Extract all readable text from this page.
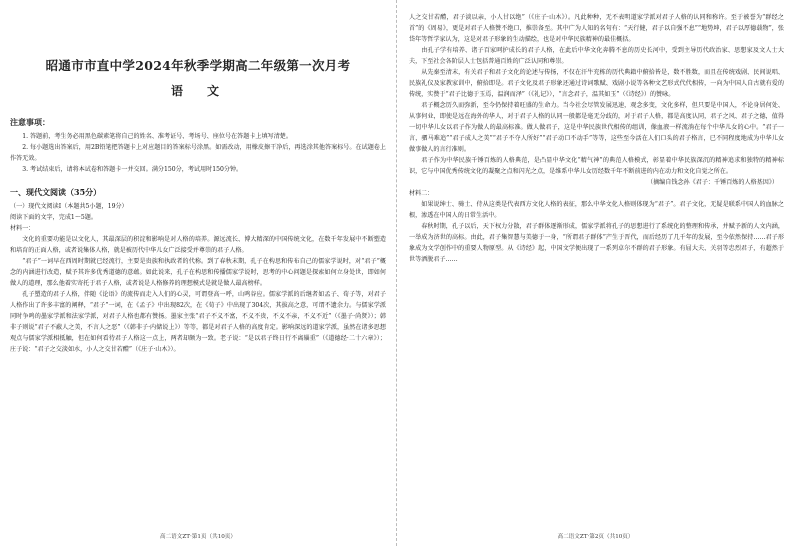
昭通市市直中学2024年秋季学期高二年级第一次月考
语　文
注意事项：

1. 答题前，考生务必用黑色碳素笔将自己的姓名、准考证号、考场号、座位号在答题卡上填写清楚。

2. 每小题选出答案后，用2B铅笔把答题卡上对应题目的答案标号涂黑。如需改动，用橡皮擦干净后，再选涂其他答案标号。在试题卷上作答无效。

3. 考试结束后，请将本试卷和答题卡一并交回。满分150分，考试用时150分钟。

一、现代文阅读（35分）

（一）现代文阅读Ⅰ（本题共5小题，19分）

阅读下面的文字，完成1～5题。

材料一：

文化的重要功能是以文化人，其最深层的积淀和影响是对人格的培养。源远流长、博大精深的中国传统文化，在数千年发展中不断塑造和培育的正面人格，或者说集体人格，就是被历代中华儿女广泛接受并尊崇的君子人格。

“君子”一词早在西周时期就已经流行，主要是贵族和执政者的代称。到了春秋末期，孔子在构思和传布自己的儒家学说时，对“君子”概念的内涵进行改造，赋予其许多优秀道德的意蕴。如此说来，孔子在构思和传播儒家学说时，思考的中心问题是探索如何立身处世，即如何做人的道理，那么他着实寄托于君子人格，或者说是人格修养的理想模式是就是做人最高榜样。

孔子塑造的君子人格，伴随《论语》的流传而走入人们的心灵，可谓登高一呼，山鸣谷应。儒家学派的后继者如孟子、荀子等，对君子人格作出了许多丰富的阐释，“君子”一词，在《孟子》中出现82次，在《荀子》中出现了304次，其拔高之意，可谓不遗余力。与儒家学派同时争鸣的墨家学派和法家学派，对君子人格也都有赞扬。墨家主张“君子不义不富，不义不贵，不义不亲，不义不近”（《墨子·尚贤》）；韩非子则说“君子不蔽人之美，不言人之恶”（《韩非子·内储说上》）等等，都是对君子人格的高度肯定。影响深远的道家学派，虽然在诸多思想观点与儒家学派相抵触，但在如何看待君子人格这一点上，两者却颇为一致。老子说：“是以君子终日行不离辎重”（《道德经·二十六章》）；庄子说：“君子之交淡如水，小人之交甘若醴”（《庄子·山木》）。

高二语文ZT·第1页（共10页）

人之交甘若醴，君子淡以亲，小人甘以绝”（《庄子·山木》）。凡此种种，无不表明道家学派对君子人格的认同和称许。至于被誉为“群经之首”的《周易》，更是对君子人格赞不绝口，推崇备至。其中广为人知的名句有：“天行健，君子以自强不息”“地势坤，君子以厚德载物”，张岱年等哲学家认为，这是对君子形象的生动描绘，也是对中华民族精神的最佳概括。

由孔子学有培养、诸子百家呵护成长的君子人格，在此后中华文化奔腾不息的历史长河中，受到主导历代政治家、思想家及文人士大夫，下至社会各阶层人士包括普通百姓的广泛认同和尊崇。

从先秦至清末，有关君子和君子文化的论述与传扬，不仅在汗牛充栋的历代典籍中俯拾皆是，数不胜数，而且在传统戏剧、民间说唱、民族礼仪及家教家训中，俯拾即是。君子文化及君子形象还通过诗词歌赋、戏剧小说等各种文艺形式代代相传，一向为中国人自古就有爱的传统，实赞于“君子比德于玉焉，温润而泽”（《礼记》），“言念君子，温其如玉”（《诗经》）的赞咏。

君子概念历久而弥新，至今仍保持着旺盛的生命力。当今社会尽管发展迅速，观念多变，文化多样，但只要是中国人，不论身居何处、从事何业，即使是远在海外的华人，对于君子人格的认同一般都是毫无分歧的，对于君子人格，都是高度认同，君子之风、君子之德，值得一切中华儿女以君子作为做人的最高标准。做人做君子，这是中华民族世代相传的组训，像血液一样流淌在每个中华儿女的心中。“君子一言，驷马难追”“君子成人之美”“君子不夺人所好”“君子动口不动手”等等，这些至今活在人们口头的君子格言，已不同程度地成为中华儿女做事做人的言行准则。

君子作为中华民族千锤百炼的人格典范，是凸显中华文化“精气神”的典范人格模式，彰显着中华民族深沉的精神追求和独特的精神标识，它与中国优秀传统文化的凝聚之点和闪光之点，是维系中华儿女历经数千年不断前进的内在动力和文化自觉之所在。

（摘编自钱念孙《君子：千锤百炼的人格基因》）

材料二：

如果说绅士、骑士、侍从这类是代表西方文化人格的表征，那么中华文化人格则体现为“君子”。君子文化，无疑是联系中国人的血脉之根，渗透在中国人的日常生活中。

春秋时期，孔子以后，天下权力分散，君子群体逐渐形成，儒家学派将孔子的思想进行了系统化的整理和传承，并赋予新的人文内涵，一举成为济世的高标。由此，君子集智慧与美德于一身，“所谓君子群体”产生于晋代，而后经历了几千年的发展，至今依然保持……君子形象成为文学创作中的重要人物原型。从《诗经》起，中国文学便出现了一系列卓尔不群的君子形象。有屈大夫、关羽等忠烈君子，有超然于世等洒脱君子……

高二语文ZT·第2页（共10页）
